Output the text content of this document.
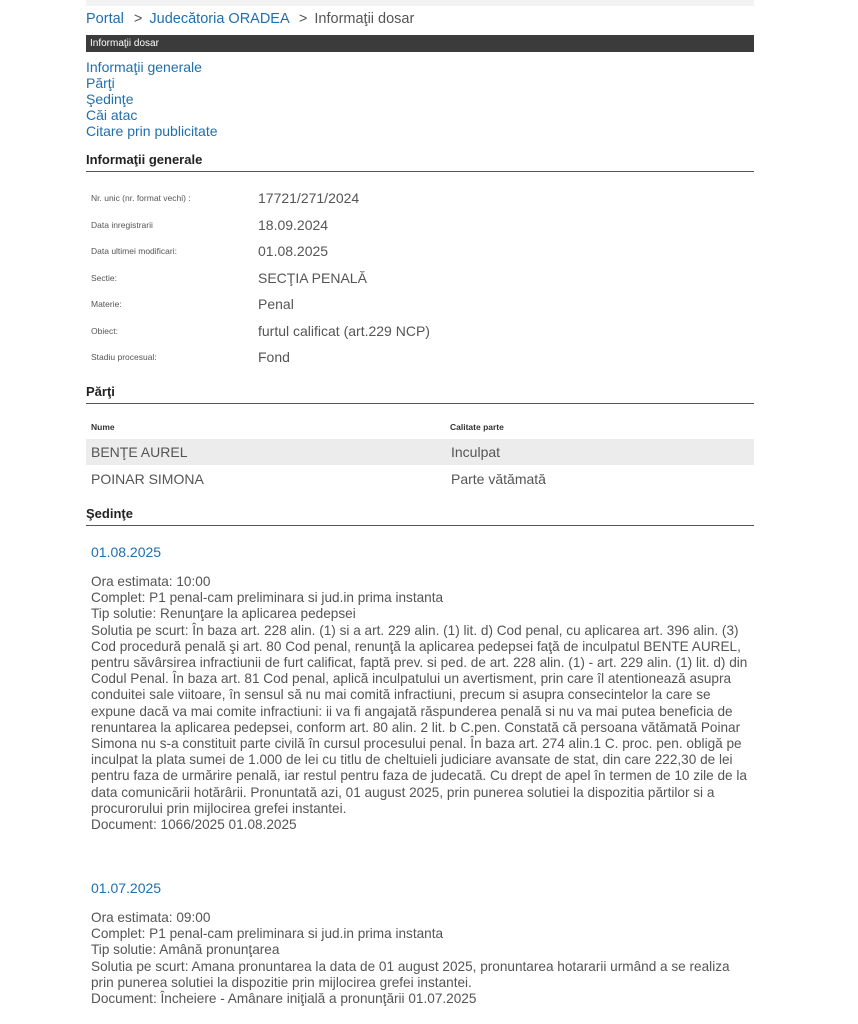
Portal > Judecătoria ORADEA > Informaţii dosar
Informaţii dosar
Informaţii generale
Părţi
Şedinţe
Căi atac
Citare prin publicitate
Informaţii generale
Nr. unic (nr. format vechi) :	17721/271/2024
Data inregistrarii	18.09.2024
Data ultimei modificari:	01.08.2025
Sectie:	SECŢIA PENALĂ
Materie:	Penal
Obiect:	furtul calificat (art.229 NCP)
Stadiu procesual:	Fond
Părţi
Nume	Calitate parte
BENŢE AUREL	Inculpat
POINAR SIMONA	Parte vătămată
Şedinţe
01.08.2025
Ora estimata: 10:00
Complet: P1 penal-cam preliminara si jud.in prima instanta
Tip solutie: Renunţare la aplicarea pedepsei
Solutia pe scurt: În baza art. 228 alin. (1) si a art. 229 alin. (1) lit. d) Cod penal, cu aplicarea art. 396 alin. (3) Cod procedură penală şi art. 80 Cod penal, renunţă la aplicarea pedepsei faţă de inculpatul BENTE AUREL, pentru săvârsirea infractiunii de furt calificat, faptă prev. si ped. de art. 228 alin. (1) - art. 229 alin. (1) lit. d) din Codul Penal. În baza art. 81 Cod penal, aplică inculpatului un avertisment, prin care îl atentionează asupra conduitei sale viitoare, în sensul să nu mai comită infractiuni, precum si asupra consecintelor la care se expune dacă va mai comite infractiuni: ii va fi angajată răspunderea penală si nu va mai putea beneficia de renuntarea la aplicarea pedepsei, conform art. 80 alin. 2 lit. b C.pen. Constată că persoana vătămată Poinar Simona nu s-a constituit parte civilă în cursul procesului penal. În baza art. 274 alin.1 C. proc. pen. obligă pe inculpat la plata sumei de 1.000 de lei cu titlu de cheltuieli judiciare avansate de stat, din care 222,30 de lei pentru faza de urmărire penală, iar restul pentru faza de judecată. Cu drept de apel în termen de 10 zile de la data comunicării hotărârii. Pronuntată azi, 01 august 2025, prin punerea solutiei la dispozitia părtilor si a procurorului prin mijlocirea grefei instantei.
Document: 1066/2025 01.08.2025
01.07.2025
Ora estimata: 09:00
Complet: P1 penal-cam preliminara si jud.in prima instanta
Tip solutie: Amână pronunţarea
Solutia pe scurt: Amana pronuntarea la data de 01 august 2025, pronuntarea hotararii urmând a se realiza prin punerea solutiei la dispozitie prin mijlocirea grefei instantei.
Document: Încheiere - Amânare iniţială a pronunţării 01.07.2025
